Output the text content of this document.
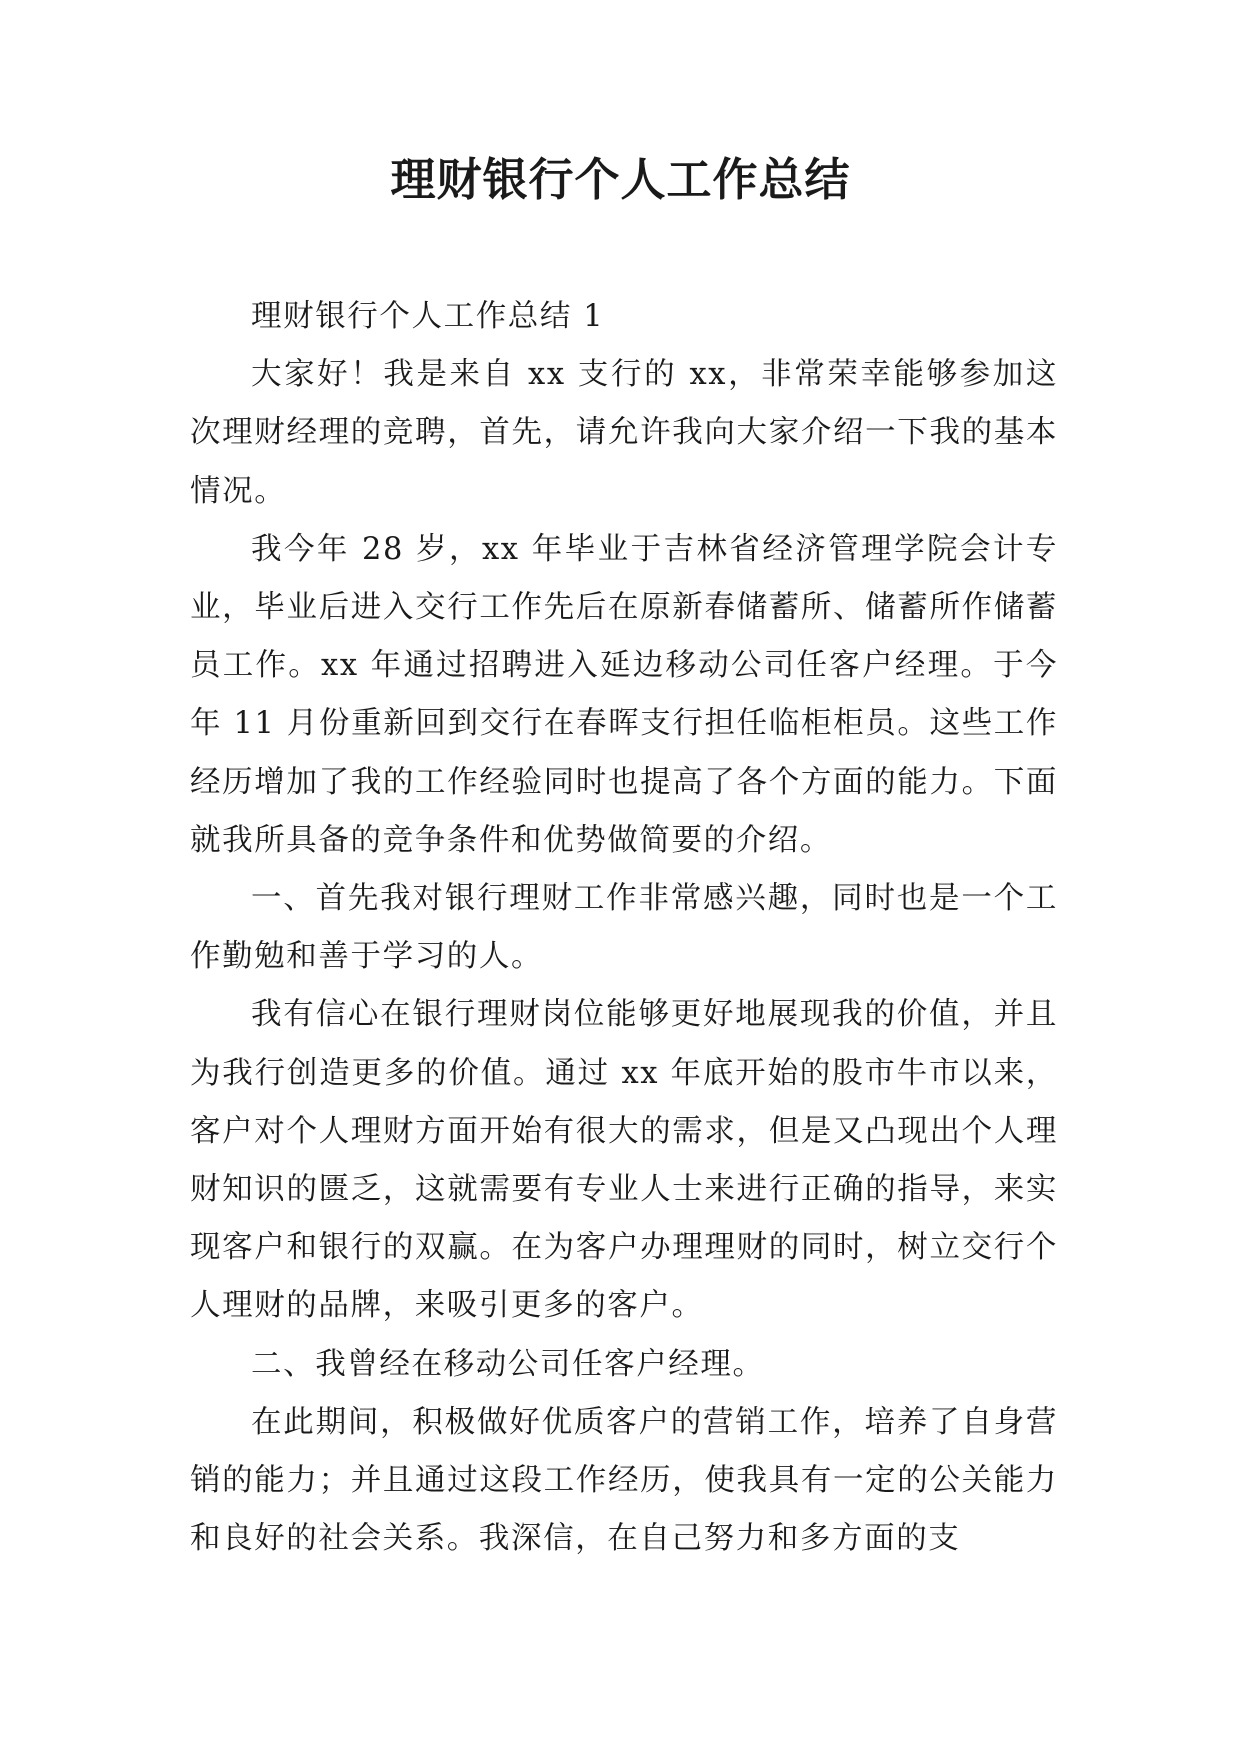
理财银行个人工作总结

理财银行个人工作总结 1

大家好！我是来自 xx 支行的 xx，非常荣幸能够参加这次理财经理的竞聘，首先，请允许我向大家介绍一下我的基本情况。

我今年 28 岁，xx 年毕业于吉林省经济管理学院会计专业，毕业后进入交行工作先后在原新春储蓄所、储蓄所作储蓄员工作。xx 年通过招聘进入延边移动公司任客户经理。于今年 11 月份重新回到交行在春晖支行担任临柜柜员。这些工作经历增加了我的工作经验同时也提高了各个方面的能力。下面就我所具备的竞争条件和优势做简要的介绍。

一、首先我对银行理财工作非常感兴趣，同时也是一个工作勤勉和善于学习的人。

我有信心在银行理财岗位能够更好地展现我的价值，并且为我行创造更多的价值。通过 xx 年底开始的股市牛市以来，客户对个人理财方面开始有很大的需求，但是又凸现出个人理财知识的匮乏，这就需要有专业人士来进行正确的指导，来实现客户和银行的双赢。在为客户办理理财的同时，树立交行个人理财的品牌，来吸引更多的客户。

二、我曾经在移动公司任客户经理。

在此期间，积极做好优质客户的营销工作，培养了自身营销的能力；并且通过这段工作经历，使我具有一定的公关能力和良好的社会关系。我深信，在自己努力和多方面的支
